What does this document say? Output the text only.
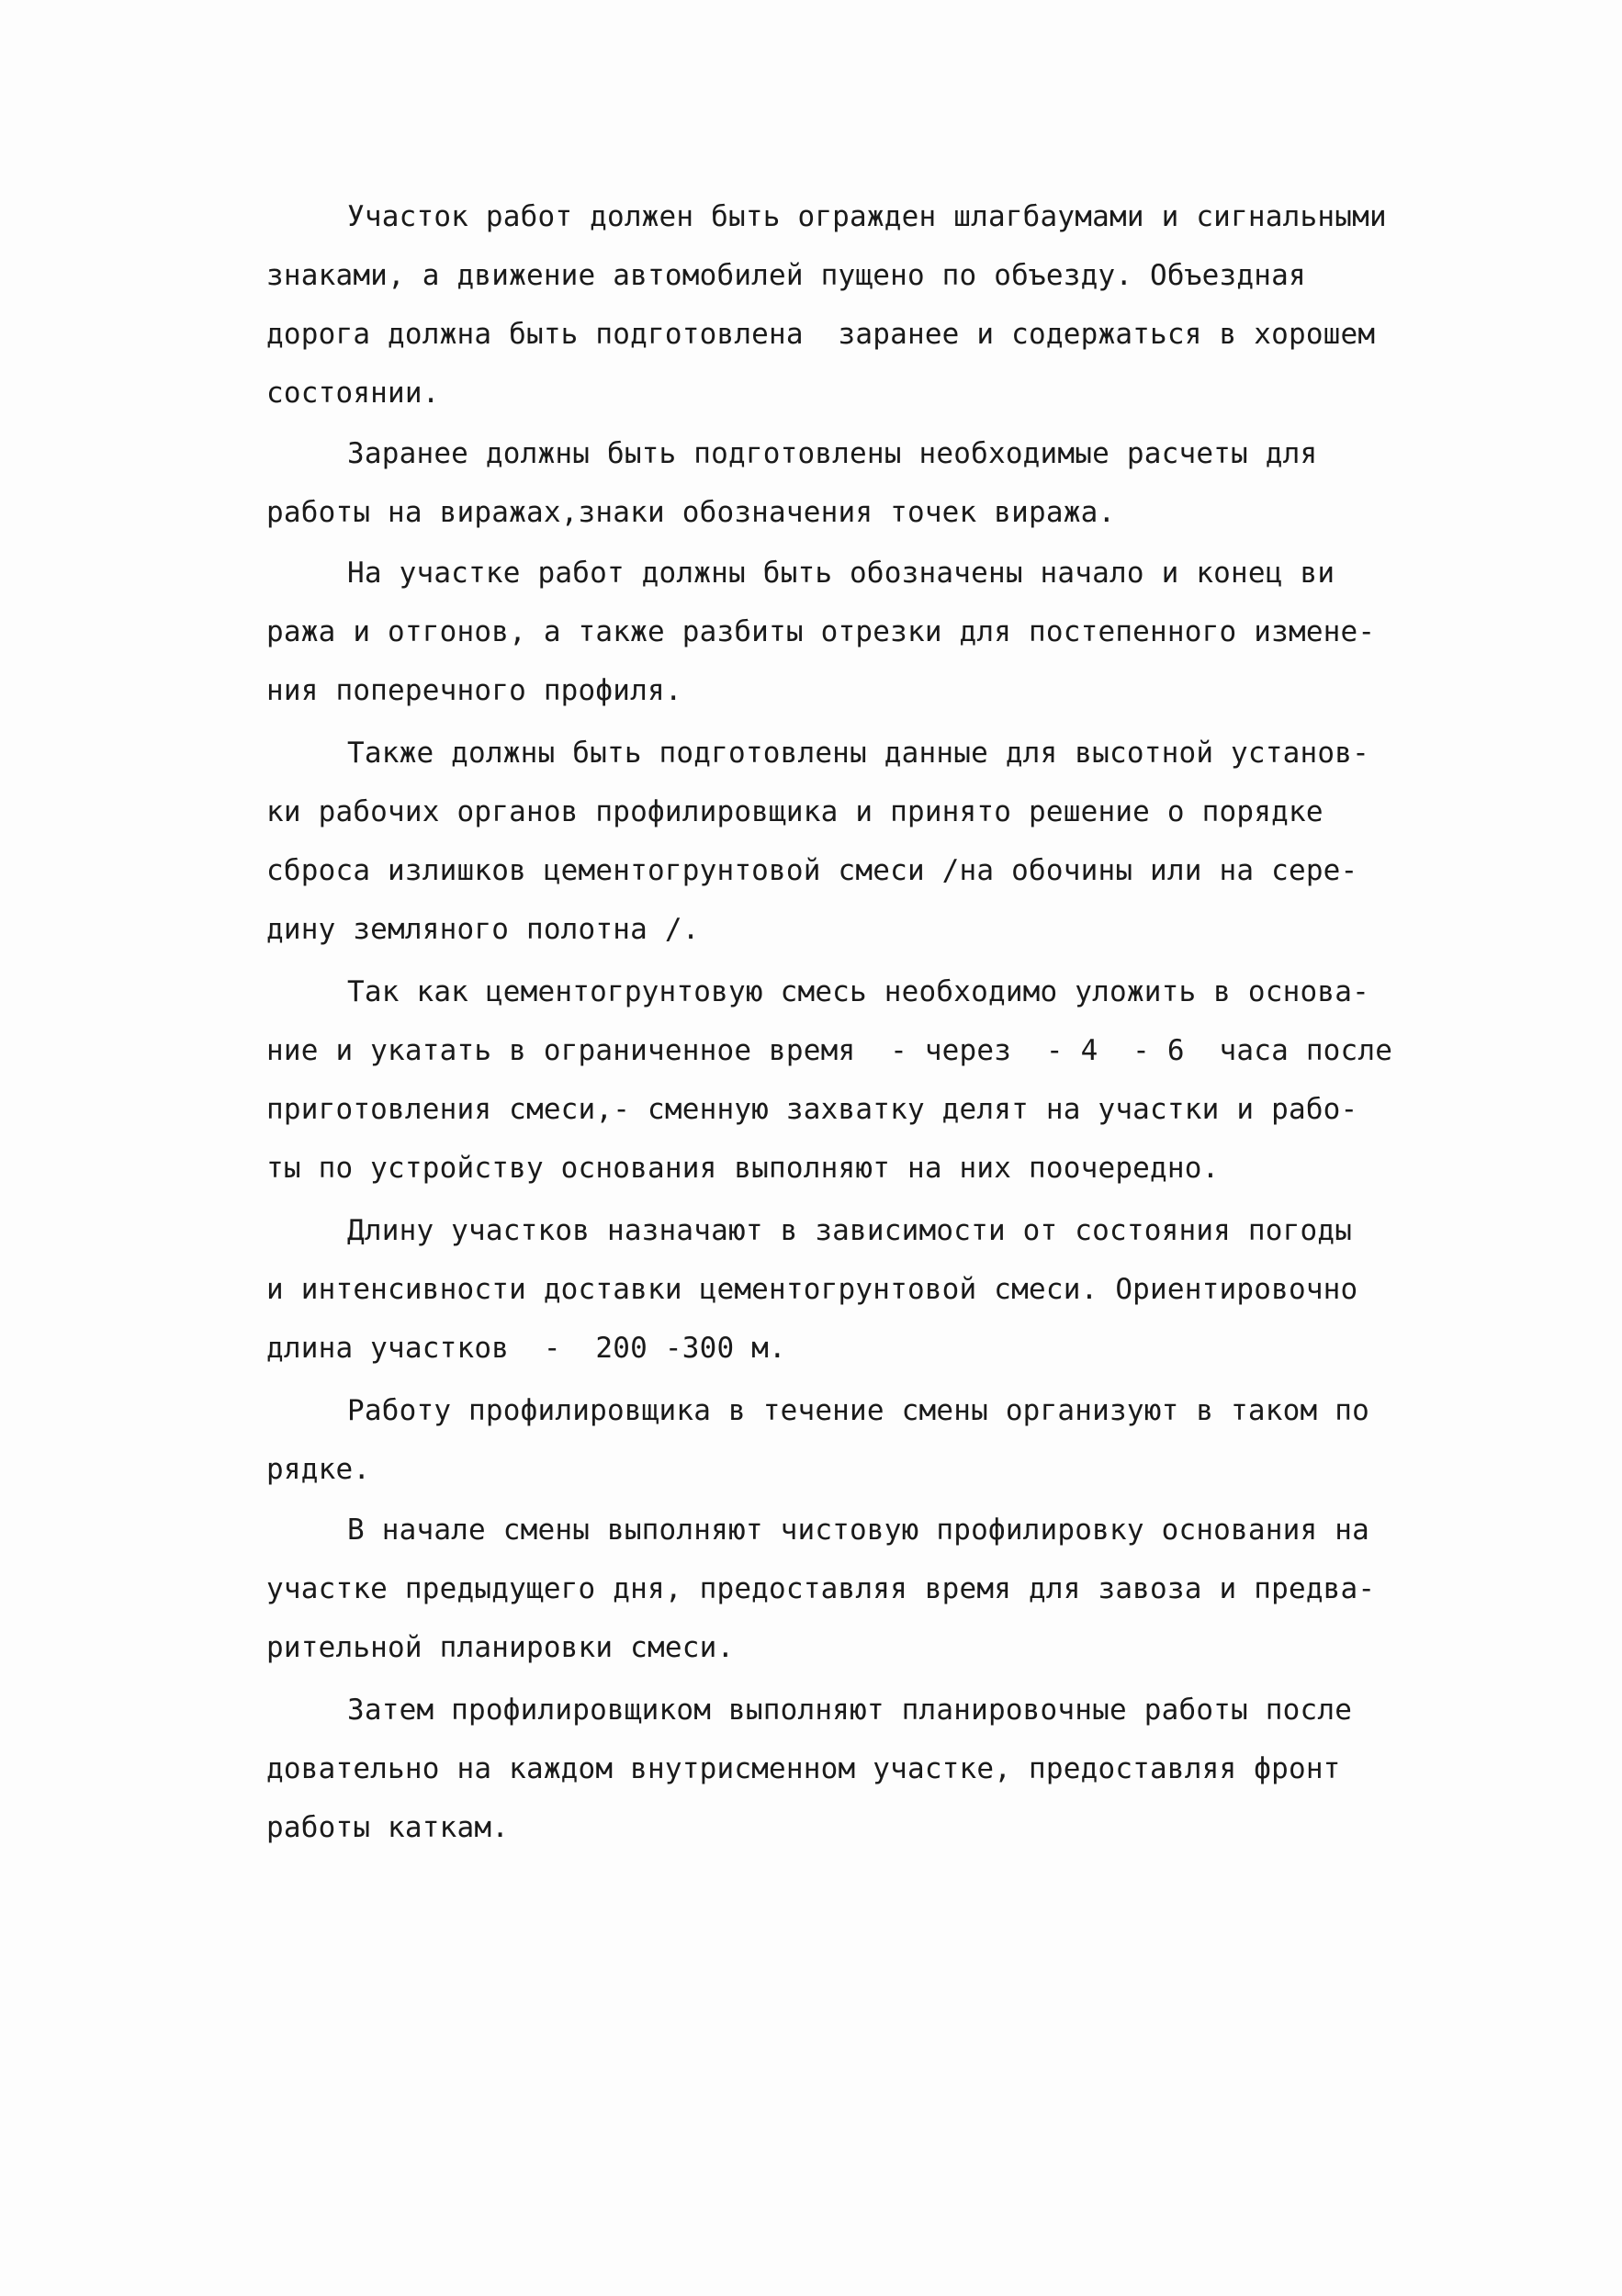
Участок работ должен быть огражден шлагбаумами и сигнальными
знаками, а движение автомобилей пущено по объезду. Объездная
дорога должна быть подготовлена  заранее и содержаться в хорошем
состоянии.
Заранее должны быть подготовлены необходимые расчеты для
работы на виражах,знаки обозначения точек виража.
На участке работ должны быть обозначены начало и конец ви
ража и отгонов, а также разбиты отрезки для постепенного измене-
ния поперечного профиля.
Также должны быть подготовлены данные для высотной установ-
ки рабочих органов профилировщика и принято решение о порядке
сброса излишков цементогрунтовой смеси /на обочины или на сере-
дину земляного полотна /.
Так как цементогрунтовую смесь необходимо уложить в основа-
ние и укатать в ограниченное время  - через  - 4  - 6  часа после
приготовления смеси,- сменную захватку делят на участки и рабо-
ты по устройству основания выполняют на них поочередно.
Длину участков назначают в зависимости от состояния погоды
и интенсивности доставки цементогрунтовой смеси. Ориентировочно
длина участков  -  200 -300 м.
Работу профилировщика в течение смены организуют в таком по
рядке.
В начале смены выполняют чистовую профилировку основания на
участке предыдущего дня, предоставляя время для завоза и предва-
рительной планировки смеси.
Затем профилировщиком выполняют планировочные работы после
довательно на каждом внутрисменном участке, предоставляя фронт
работы каткам.
